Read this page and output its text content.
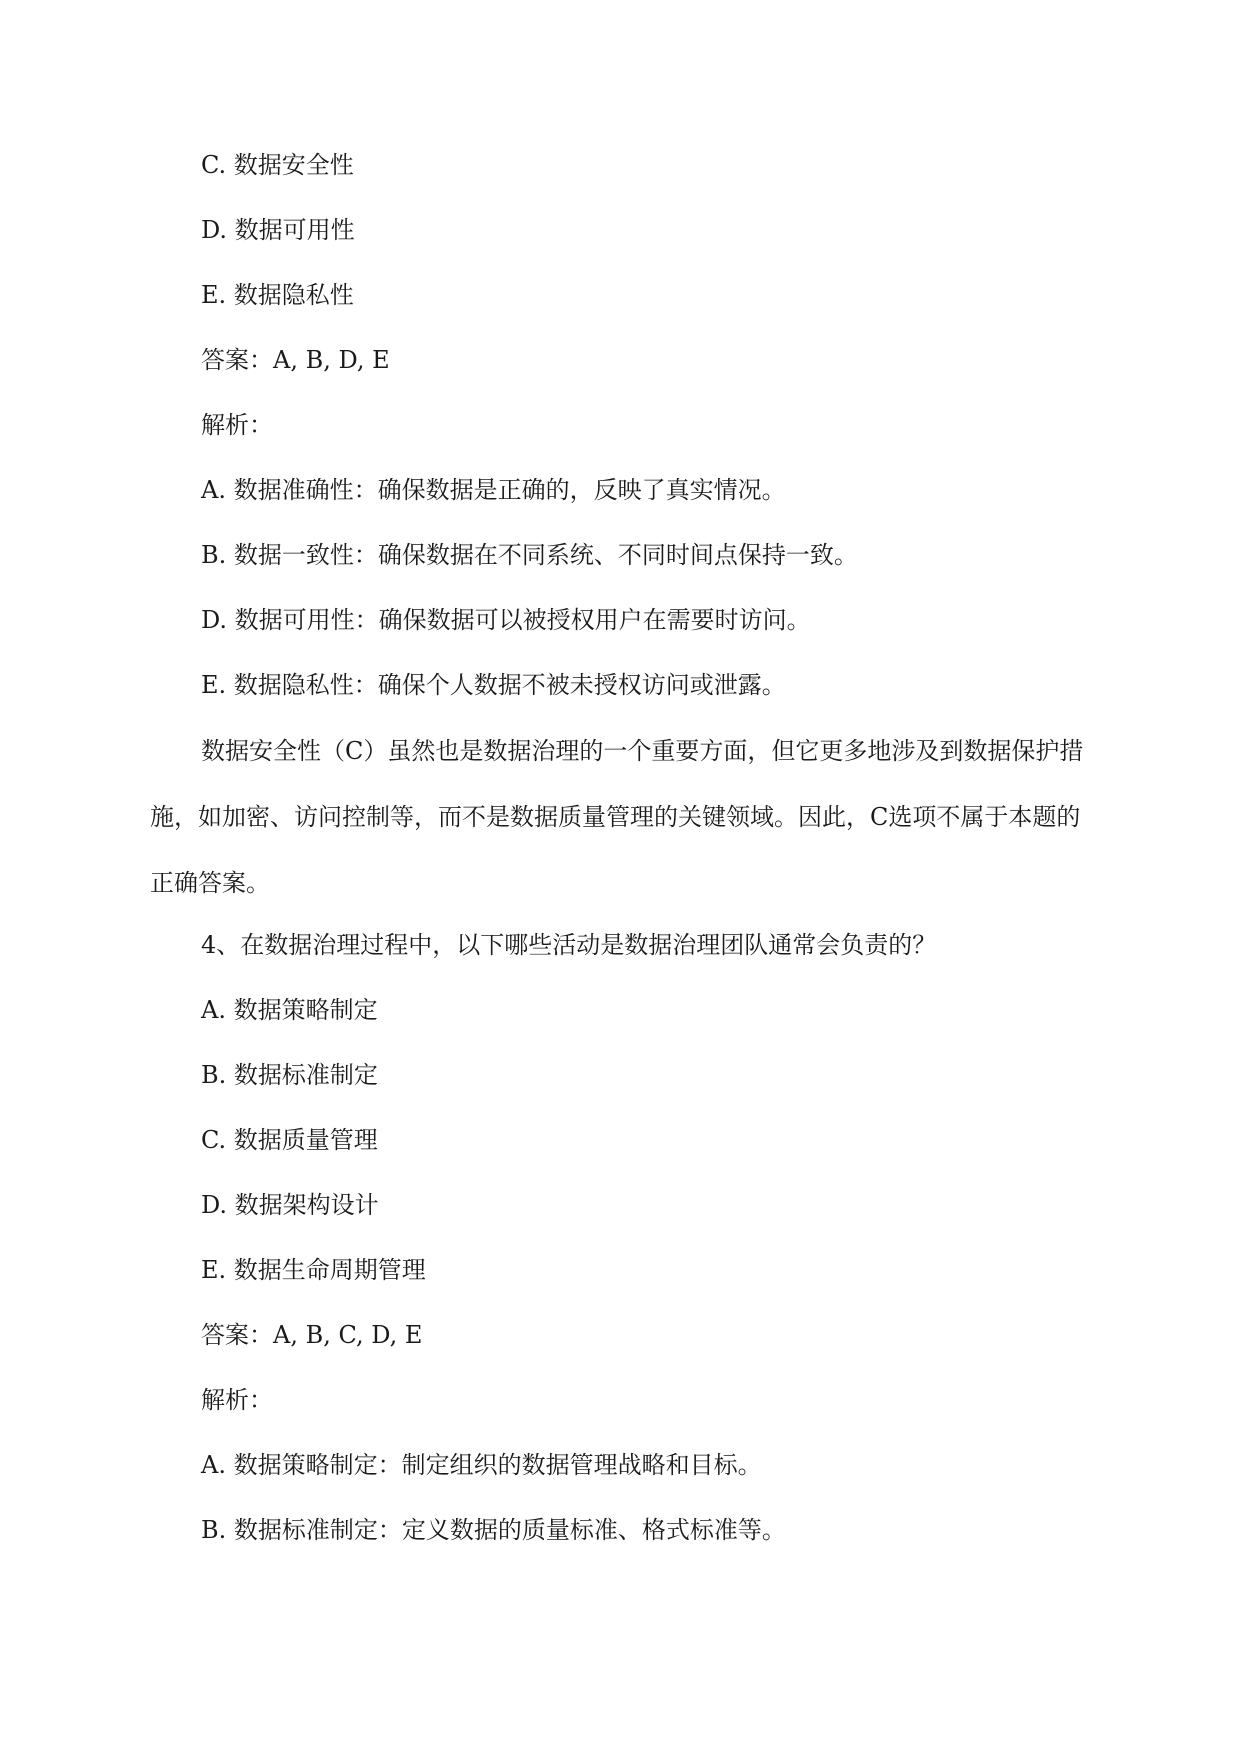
C. 数据安全性
D. 数据可用性
E. 数据隐私性
答案：A, B, D, E
解析：
A. 数据准确性：确保数据是正确的，反映了真实情况。
B. 数据一致性：确保数据在不同系统、不同时间点保持一致。
D. 数据可用性：确保数据可以被授权用户在需要时访问。
E. 数据隐私性：确保个人数据不被未授权访问或泄露。
数据安全性（C）虽然也是数据治理的一个重要方面，但它更多地涉及到数据保护措施，如加密、访问控制等，而不是数据质量管理的关键领域。因此，C选项不属于本题的正确答案。
4、在数据治理过程中，以下哪些活动是数据治理团队通常会负责的？
A. 数据策略制定
B. 数据标准制定
C. 数据质量管理
D. 数据架构设计
E. 数据生命周期管理
答案：A, B, C, D, E
解析：
A. 数据策略制定：制定组织的数据管理战略和目标。
B. 数据标准制定：定义数据的质量标准、格式标准等。
